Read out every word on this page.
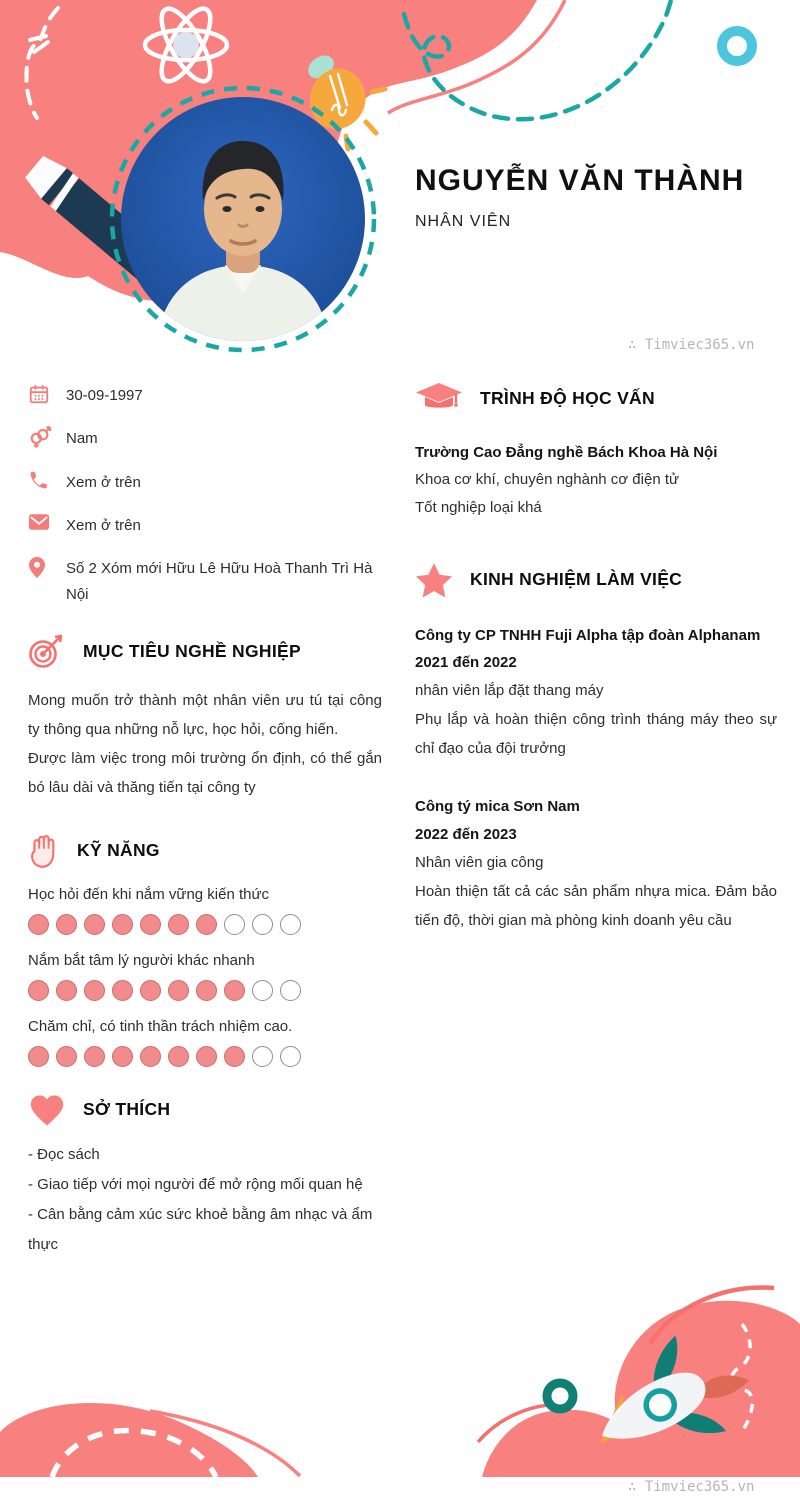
NGUYỄN VĂN THÀNH
NHÂN VIÊN
∴ Timviec365.vn
∴ Timviec365.vn
30-09-1997
Nam
Xem ở trên
Xem ở trên
Số 2 Xóm mới Hữu Lê Hữu Hoà Thanh Trì Hà Nội
MỤC TIÊU NGHỀ NGHIỆP
Mong muốn trở thành một nhân viên ưu tú tại công ty thông qua những nỗ lực, học hỏi, cống hiến.
Được làm việc trong môi trường ổn định, có thể gắn bó lâu dài và thăng tiến tại công ty
KỸ NĂNG
Học hỏi đến khi nắm vững kiến thức
Nắm bắt tâm lý người khác nhanh
Chăm chỉ, có tinh thần trách nhiệm cao.
SỞ THÍCH
- Đọc sách
- Giao tiếp với mọi người để mở rộng mối quan hệ
- Cân bằng cảm xúc sức khoẻ bằng âm nhạc và ẩm thực
TRÌNH ĐỘ HỌC VẤN
Trường Cao Đẳng nghề Bách Khoa Hà Nội
Khoa cơ khí, chuyên nghành cơ điện tử
Tốt nghiệp loại khá
KINH NGHIỆM LÀM VIỆC
Công ty CP TNHH Fuji Alpha tập đoàn Alphanam
2021 đến 2022
nhân viên lắp đặt thang máy
Phụ lắp và hoàn thiện công trình tháng máy theo sự chỉ đạo của đội trưởng
Công tý mica Sơn Nam
2022 đến 2023
Nhân viên gia công
Hoàn thiện tất cả các sản phẩm nhựa mica. Đảm bảo tiến độ, thời gian mà phòng kinh doanh yêu cầu
